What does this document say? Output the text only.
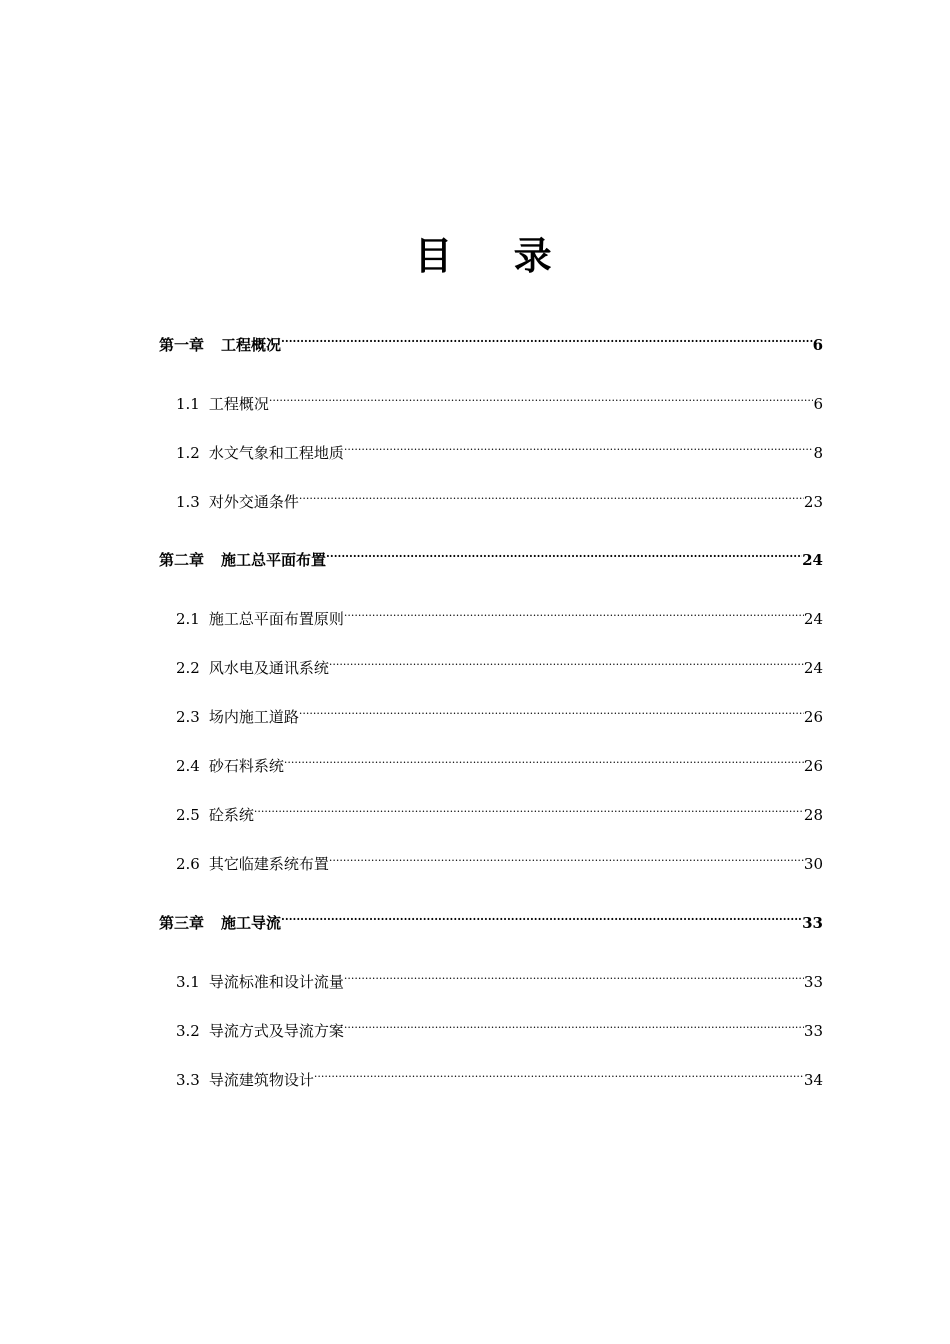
目 录
第一章 工程概况 .....	6
1.1 工程概况 .....	6
1.2 水文气象和工程地质 .....	8
1.3 对外交通条件 .....	23
第二章 施工总平面布置 .....	24
2.1 施工总平面布置原则 .....	24
2.2 风水电及通讯系统 .....	24
2.3 场内施工道路 .....	26
2.4 砂石料系统 .....	26
2.5 砼系统 .....	28
2.6 其它临建系统布置 .....	30
第三章 施工导流 .....	33
3.1 导流标准和设计流量 .....	33
3.2 导流方式及导流方案 .....	33
3.3 导流建筑物设计 .....	34
